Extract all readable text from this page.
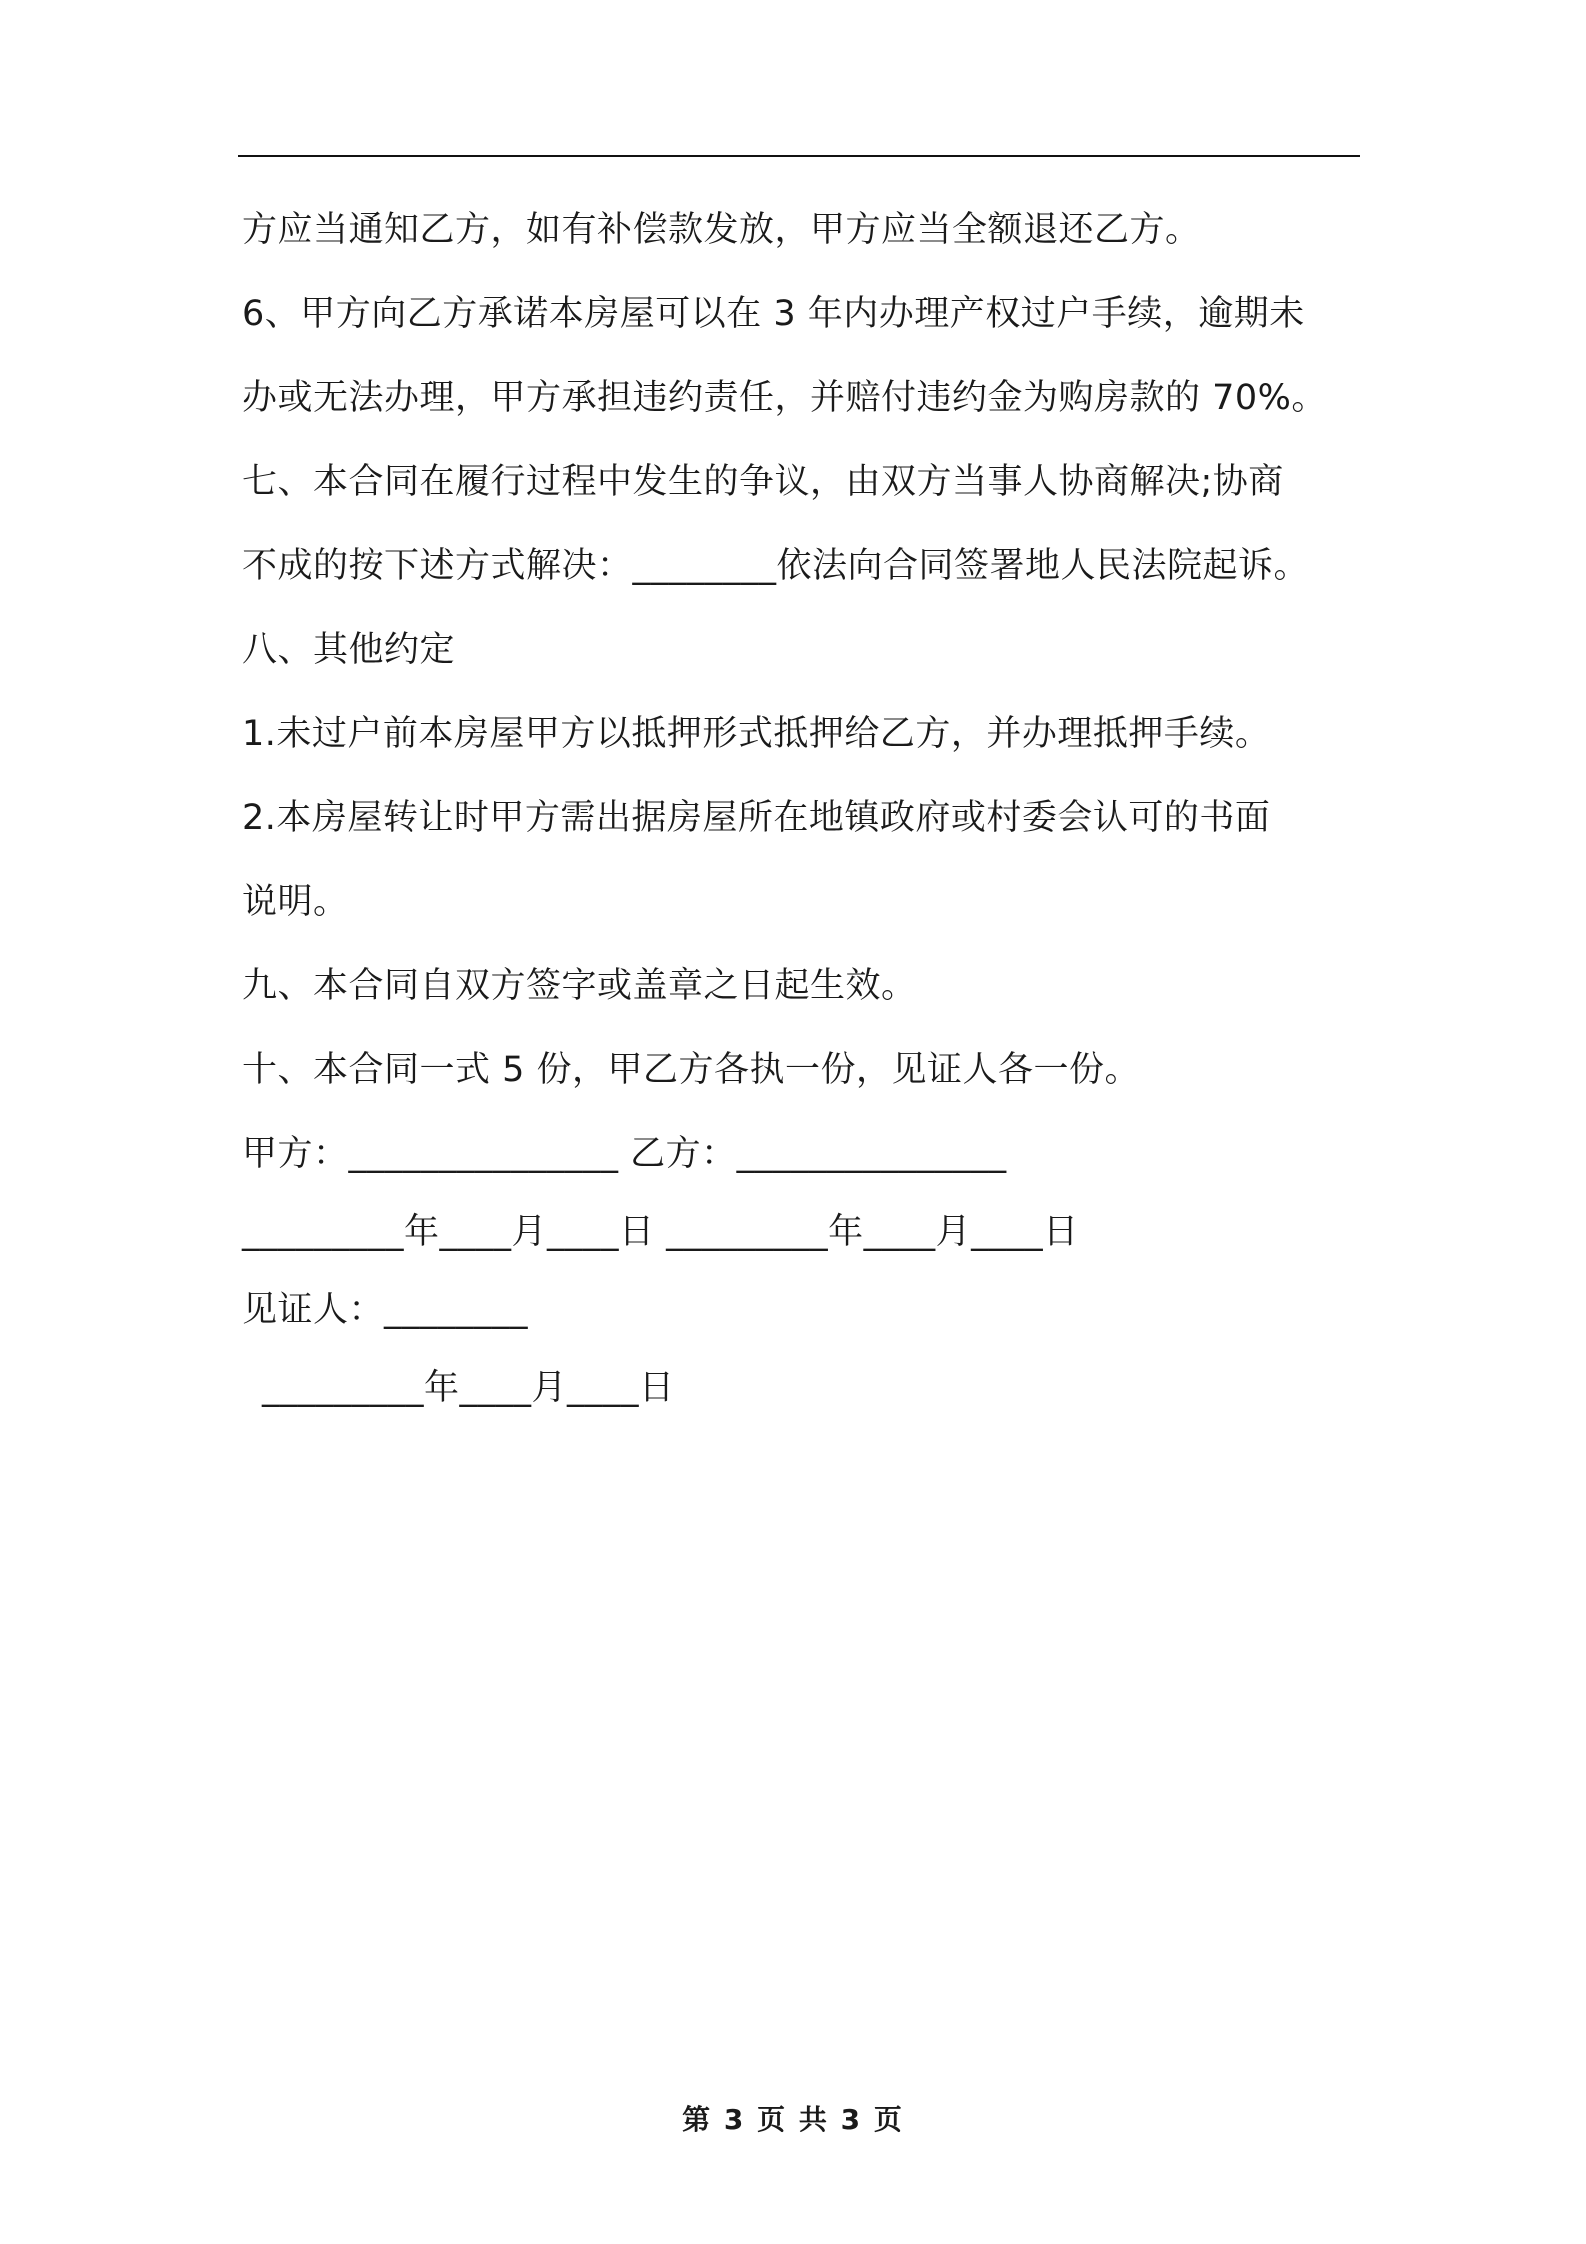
方应当通知乙方，如有补偿款发放，甲方应当全额退还乙方。
6、甲方向乙方承诺本房屋可以在 3 年内办理产权过户手续，逾期未
办或无法办理，甲方承担违约责任，并赔付违约金为购房款的 70%。
七、本合同在履行过程中发生的争议，由双方当事人协商解决;协商
不成的按下述方式解决：________依法向合同签署地人民法院起诉。
八、其他约定
1.未过户前本房屋甲方以抵押形式抵押给乙方，并办理抵押手续。
2.本房屋转让时甲方需出据房屋所在地镇政府或村委会认可的书面
说明。
九、本合同自双方签字或盖章之日起生效。
十、本合同一式 5 份，甲乙方各执一份，见证人各一份。
甲方：_______________ 乙方：_______________
_________年____月____日 _________年____月____日
见证人：________
_________年____月____日
第 3 页 共 3 页
